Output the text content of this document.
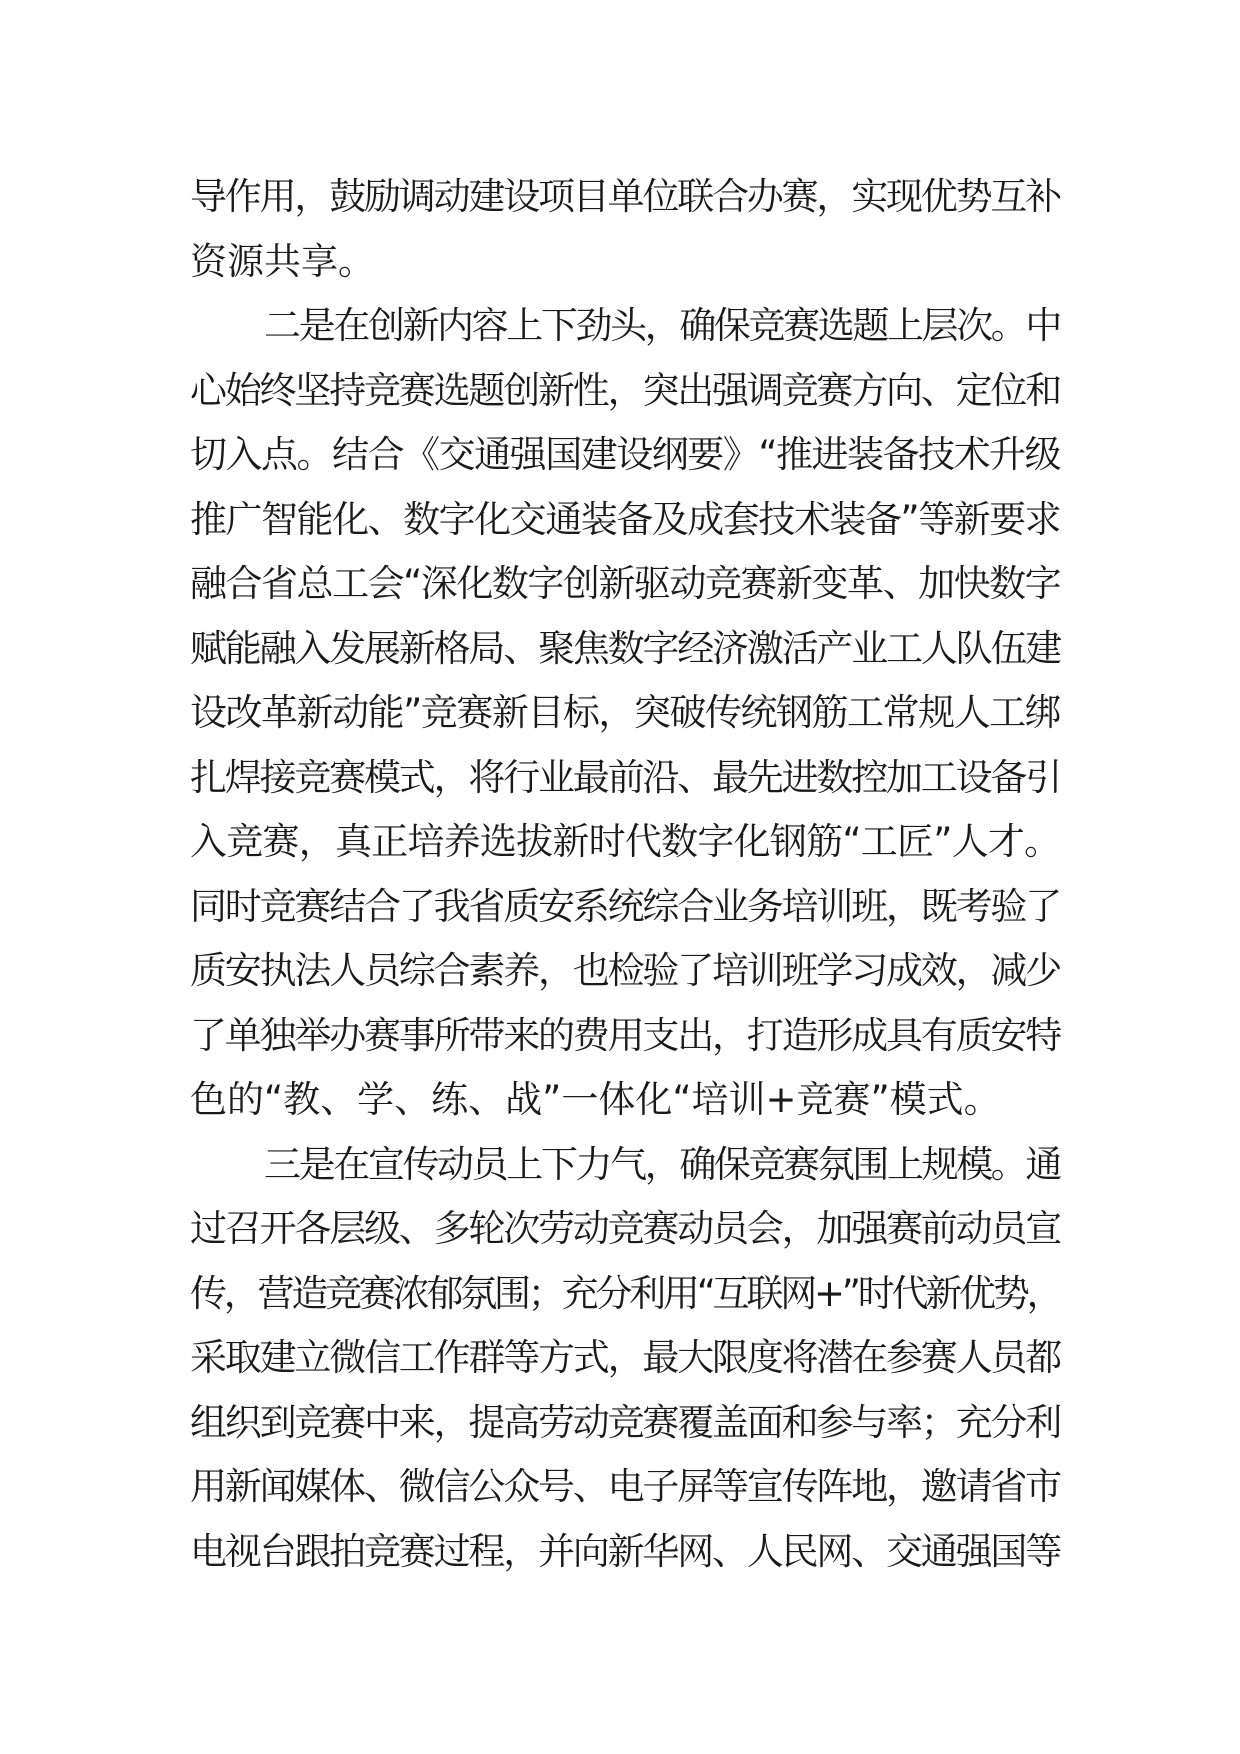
导作用，鼓励调动建设项目单位联合办赛，实现优势互补
资源共享。
二是在创新内容上下劲头，确保竞赛选题上层次。中
心始终坚持竞赛选题创新性，突出强调竞赛方向、定位和
切入点。结合《交通强国建设纲要》“推进装备技术升级
推广智能化、数字化交通装备及成套技术装备”等新要求
融合省总工会“深化数字创新驱动竞赛新变革、加快数字
赋能融入发展新格局、聚焦数字经济激活产业工人队伍建
设改革新动能”竞赛新目标，突破传统钢筋工常规人工绑
扎焊接竞赛模式，将行业最前沿、最先进数控加工设备引
入竞赛，真正培养选拔新时代数字化钢筋“工匠”人才。
同时竞赛结合了我省质安系统综合业务培训班，既考验了
质安执法人员综合素养，也检验了培训班学习成效，减少
了单独举办赛事所带来的费用支出，打造形成具有质安特
色的“教、学、练、战”一体化“培训+竞赛”模式。
三是在宣传动员上下力气，确保竞赛氛围上规模。通
过召开各层级、多轮次劳动竞赛动员会，加强赛前动员宣
传，营造竞赛浓郁氛围；充分利用“互联网+”时代新优势，
采取建立微信工作群等方式，最大限度将潜在参赛人员都
组织到竞赛中来，提高劳动竞赛覆盖面和参与率；充分利
用新闻媒体、微信公众号、电子屏等宣传阵地，邀请省市
电视台跟拍竞赛过程，并向新华网、人民网、交通强国等
